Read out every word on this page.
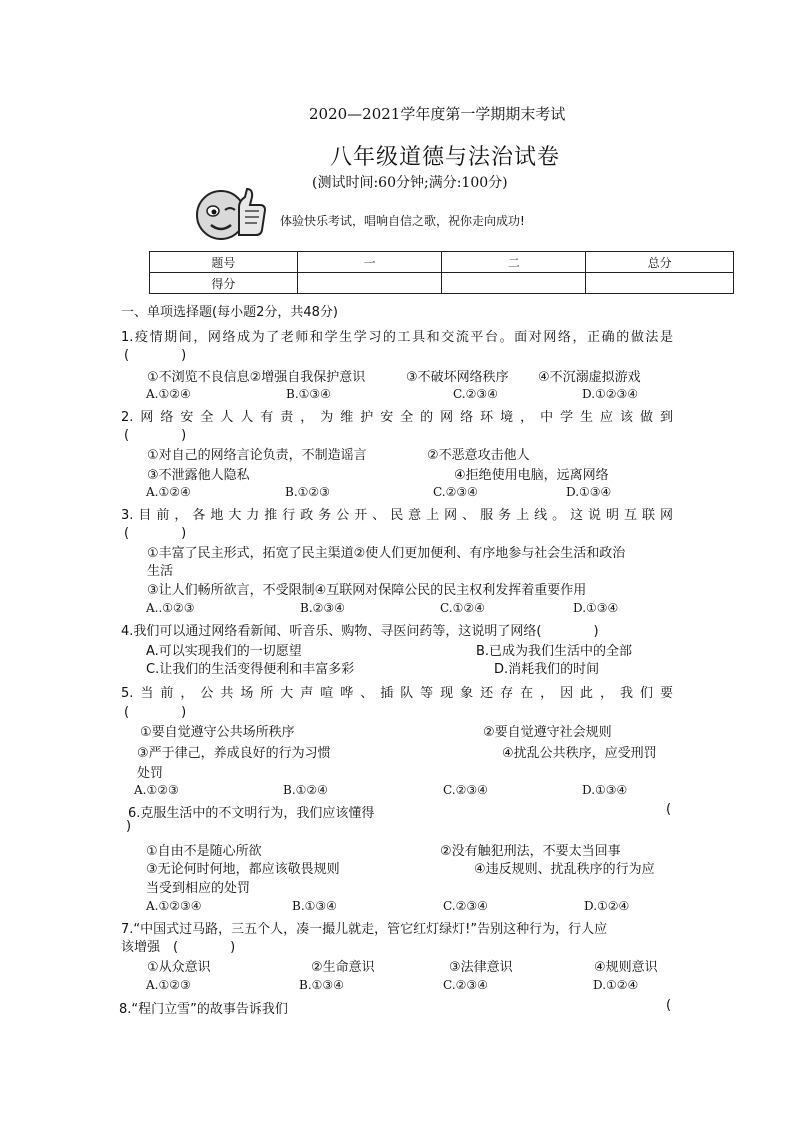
2020—2021学年度第一学期期末考试
八年级道德与法治试卷
(测试时间:60分钟;满分:100分)
体验快乐考试，唱响自信之歌，祝你走向成功!
题号	一	二	总分
得分			
一、单项选择题(每小题2分，共48分)
1.疫情期间，网络成为了老师和学生学习的工具和交流平台。面对网络，正确的做法是
(　　　　)
①不浏览不良信息②增强自我保护意识	③不破坏网络秩序 ④不沉溺虚拟游戏
A.①②④	B.①③④	C.②③④	D.①②③④
2.网络安全人人有责，为维护安全的网络环境，中学生应该做到
(　　　　)
①对自己的网络言论负责，不制造谣言	②不恶意攻击他人
③不泄露他人隐私	④拒绝使用电脑，远离网络
A.①②④	B.①②③	C.②③④	D.①③④
3.目前，各地大力推行政务公开、民意上网、服务上线。这说明互联网
(　　　　)
①丰富了民主形式，拓宽了民主渠道②使人们更加便利、有序地参与社会生活和政治
生活
③让人们畅所欲言，不受限制④互联网对保障公民的民主权利发挥着重要作用
A..①②③	B.②③④	C.①②④	D.①③④
4.我们可以通过网络看新闻、听音乐、购物、寻医问药等，这说明了网络(　　　　)
A.可以实现我们的一切愿望	B.已成为我们生活中的全部
C.让我们的生活变得便利和丰富多彩	D.消耗我们的时间
5.当前，公共场所大声喧哗、插队等现象还存在，因此，我们要
(　　　　)
①要自觉遵守公共场所秩序	②要自觉遵守社会规则
③严于律己，养成良好的行为习惯	④扰乱公共秩序，应受刑罚
处罚
A.①②③	B.①②④	C.②③④	D.①③④
6.克服生活中的不文明行为，我们应该懂得	(
)
①自由不是随心所欲	②没有触犯刑法，不要太当回事
③无论何时何地，都应该敬畏规则	④违反规则、扰乱秩序的行为应
当受到相应的处罚
A.①②③④	B.①③④	C.②③④	D.①②④
7.“中国式过马路，三五个人，凑一撮儿就走，管它红灯绿灯!”告别这种行为，行人应
该增强　(　　　　)
①从众意识	②生命意识	③法律意识	④规则意识
A.①②③	B.①③④	C.②③④	D.①②④
8.“程门立雪”的故事告诉我们	(
